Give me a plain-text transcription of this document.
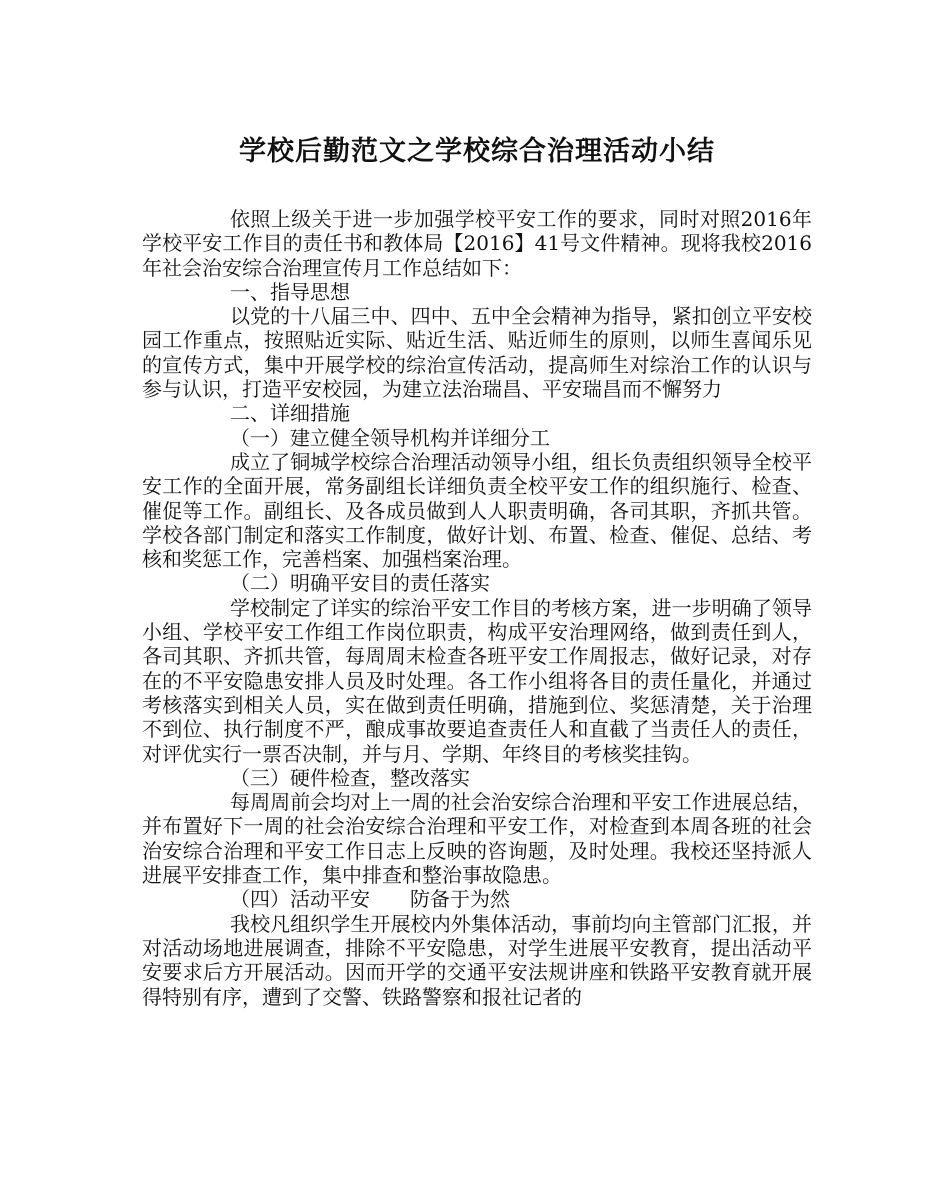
学校后勤范文之学校综合治理活动小结

依照上级关于进一步加强学校平安工作的要求，同时对照2016年学校平安工作目的责任书和教体局【2016】41号文件精神。现将我校2016年社会治安综合治理宣传月工作总结如下：

一、指导思想

以党的十八届三中、四中、五中全会精神为指导，紧扣创立平安校园工作重点，按照贴近实际、贴近生活、贴近师生的原则，以师生喜闻乐见的宣传方式，集中开展学校的综治宣传活动，提高师生对综治工作的认识与参与认识，打造平安校园，为建立法治瑞昌、平安瑞昌而不懈努力

二、详细措施

（一）建立健全领导机构并详细分工

成立了铜城学校综合治理活动领导小组，组长负责组织领导全校平安工作的全面开展，常务副组长详细负责全校平安工作的组织施行、检查、催促等工作。副组长、及各成员做到人人职责明确，各司其职，齐抓共管。学校各部门制定和落实工作制度，做好计划、布置、检查、催促、总结、考核和奖惩工作，完善档案、加强档案治理。

（二）明确平安目的责任落实

学校制定了详实的综治平安工作目的考核方案，进一步明确了领导小组、学校平安工作组工作岗位职责，构成平安治理网络，做到责任到人，各司其职、齐抓共管，每周周末检查各班平安工作周报志，做好记录，对存在的不平安隐患安排人员及时处理。各工作小组将各目的责任量化，并通过考核落实到相关人员，实在做到责任明确，措施到位、奖惩清楚，关于治理不到位、执行制度不严，酿成事故要追查责任人和直截了当责任人的责任，对评优实行一票否决制，并与月、学期、年终目的考核奖挂钩。

（三）硬件检查，整改落实

每周周前会均对上一周的社会治安综合治理和平安工作进展总结，并布置好下一周的社会治安综合治理和平安工作，对检查到本周各班的社会治安综合治理和平安工作日志上反映的咨询题，及时处理。我校还坚持派人进展平安排查工作，集中排查和整治事故隐患。

（四）活动平安　　防备于为然

我校凡组织学生开展校内外集体活动，事前均向主管部门汇报，并对活动场地进展调查，排除不平安隐患，对学生进展平安教育，提出活动平安要求后方开展活动。因而开学的交通平安法规讲座和铁路平安教育就开展得特别有序，遭到了交警、铁路警察和报社记者的
